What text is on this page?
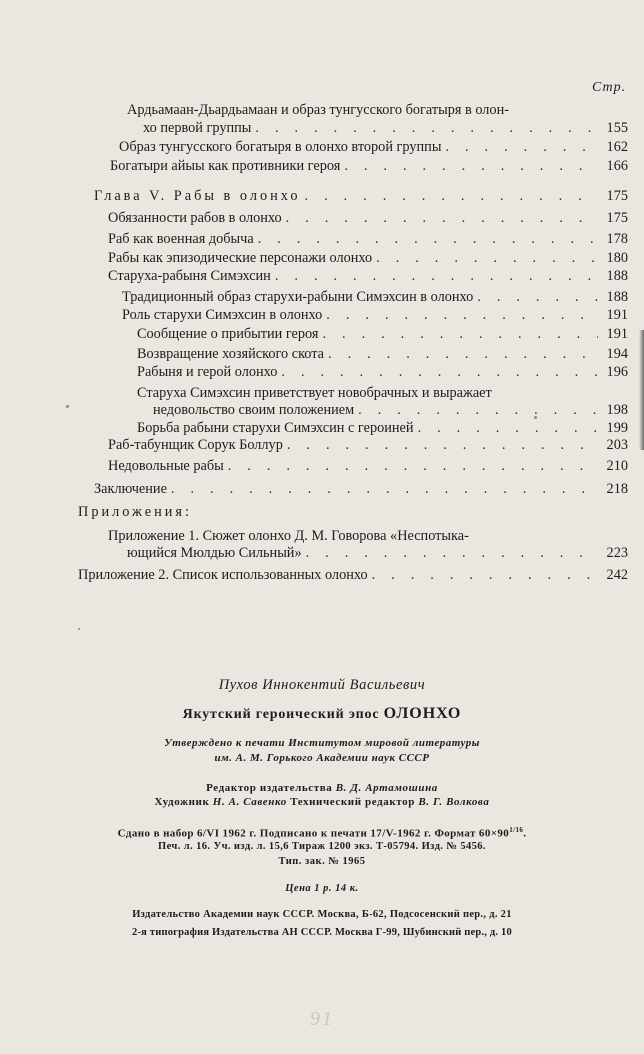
Стр.
Ардьамаан-Дьардьамаан и образ тунгусского богатыря в олон-
хо первой группы . . .	155
Образ тунгусского богатыря в олонхо второй группы . . .	162
Богатыри айыы как противники героя . . .	166
Глава V. Рабы в олонхо . . .	175
Обязанности рабов в олонхо . . .	175
Раб как военная добыча . . .	178
Рабы как эпизодические персонажи олонхо . . .	180
Старуха-рабыня Симэхсин . . .	188
Традиционный образ старухи-рабыни Симэхсин в олонхо . . .	188
Роль старухи Симэхсин в олонхо . . .	191
Сообщение о прибытии героя . . .	191
Возвращение хозяйского скота . . .	194
Рабыня и герой олонхо . . .	196
Старуха Симэхсин приветствует новобрачных и выражает
недовольство своим положением . . .	198
Борьба рабыни старухи Симэхсин с героиней . . .	199
Раб-табунщик Сорук Боллур . . .	203
Недовольные рабы . . .	210
Заключение . . .	218
Приложения:
Приложение 1. Сюжет олонхо Д. М. Говорова «Неспотыка-
ющийся Мюлдью Сильный» . . .	223
Приложение 2. Список использованных олонхо . . .	242
Пухов Иннокентий Васильевич
Якутский героический эпос ОЛОНХО
Утверждено к печати Институтом мировой литературы
им. А. М. Горького Академии наук СССР
Редактор издательства В. Д. Артамошина
Художник Н. А. Савенко Технический редактор В. Г. Волкова
Сдано в набор 6/VI 1962 г. Подписано к печати 17/V-1962 г. Формат $60\times 90^{1/16}$.
Печ. л. 16. Уч. изд. л. 15,6 Тираж 1200 экз. Т-05794. Изд. № 5456.
Тип. зак. № 1965
Цена 1 р. 14 к.
Издательство Академии наук СССР. Москва, Б-62, Подсосенский пер., д. 21
2-я типография Издательства АН СССР. Москва Г-99, Шубинский пер., д. 10
91
